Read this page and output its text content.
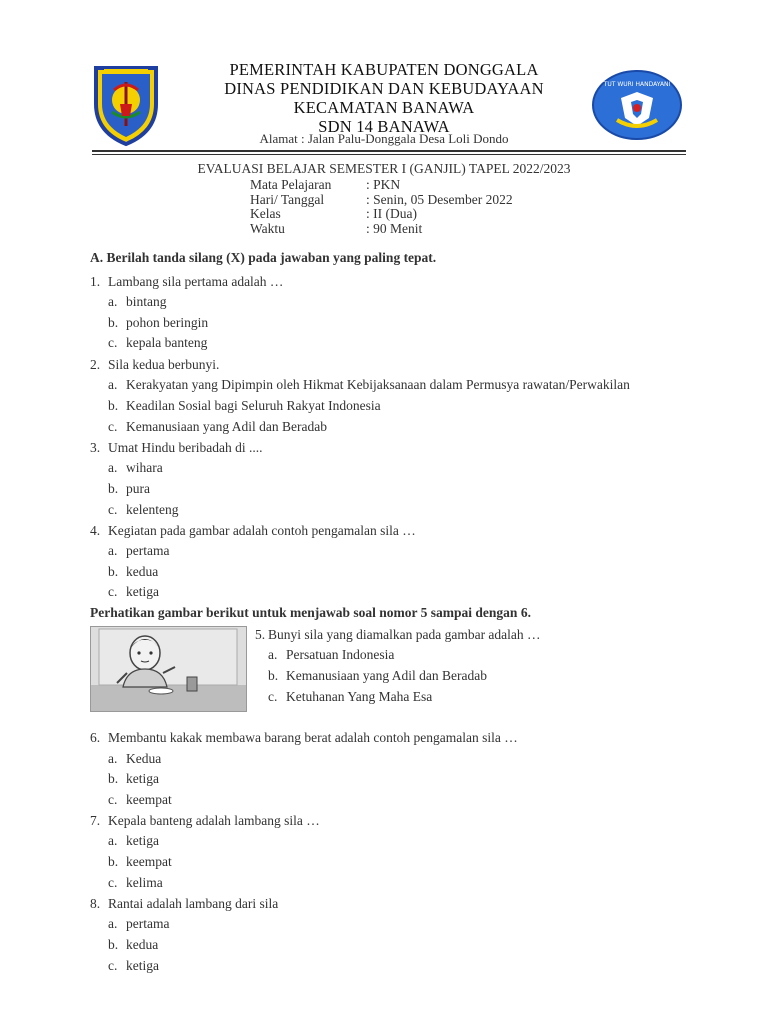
TUT WURI HANDAYANI
PEMERINTAH KABUPATEN DONGGALA
DINAS PENDIDIKAN DAN KEBUDAYAAN
KECAMATAN BANAWA
SDN 14 BANAWA
Alamat : Jalan Palu-Donggala Desa Loli Dondo
EVALUASI BELAJAR SEMESTER I (GANJIL) TAPEL 2022/2023
Mata Pelajaran	: PKN
Hari/ Tanggal	: Senin, 05 Desember 2022
Kelas	: II (Dua)
Waktu	: 90 Menit
A. Berilah tanda silang (X) pada jawaban yang paling tepat.
1. Lambang sila pertama adalah …
a. bintang
b. pohon beringin
c. kepala banteng
2. Sila kedua berbunyi.
a. Kerakyatan yang Dipimpin oleh Hikmat Kebijaksanaan dalam Permusya rawatan/Perwakilan
b. Keadilan Sosial bagi Seluruh Rakyat Indonesia
c. Kemanusiaan yang Adil dan Beradab
3. Umat Hindu beribadah di ....
a. wihara
b. pura
c. kelenteng
4. Kegiatan pada gambar adalah contoh pengamalan sila …
a. pertama
b. kedua
c. ketiga
Perhatikan gambar berikut untuk menjawab soal nomor 5 sampai dengan 6.
5. Bunyi sila yang diamalkan pada gambar adalah …
a. Persatuan Indonesia
b. Kemanusiaan yang Adil dan Beradab
c. Ketuhanan Yang Maha Esa
6. Membantu kakak membawa barang berat adalah contoh pengamalan sila …
a. Kedua
b. ketiga
c. keempat
7. Kepala banteng adalah lambang sila …
a. ketiga
b. keempat
c. kelima
8. Rantai adalah lambang dari sila
a. pertama
b. kedua
c. ketiga
